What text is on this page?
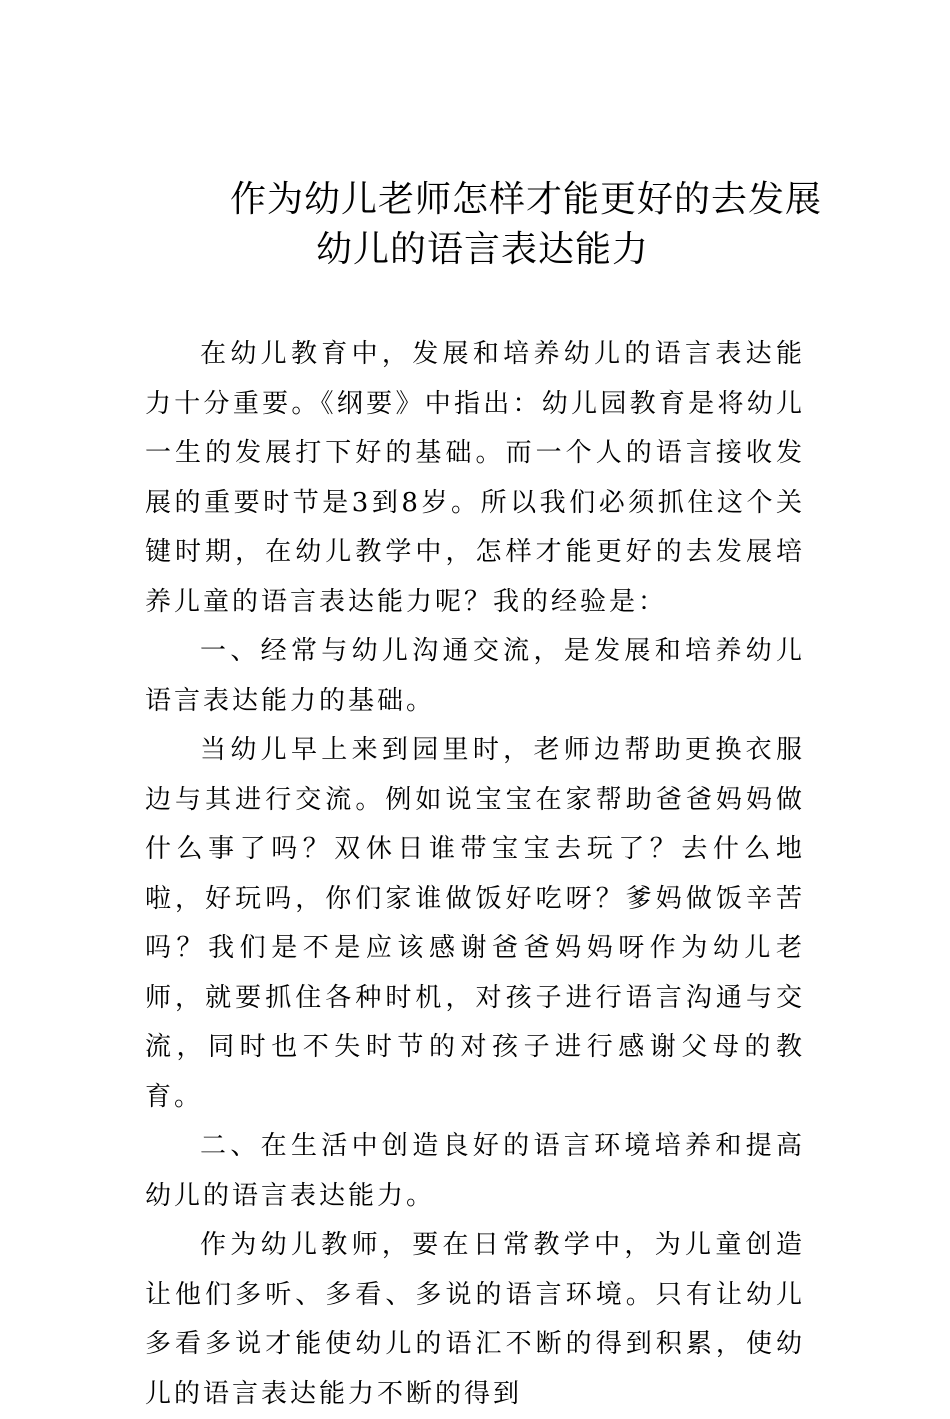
作为幼儿老师怎样才能更好的去发展
幼儿的语言表达能力

在幼儿教育中，发展和培养幼儿的语言表达能力十分重要。《纲要》中指出：幼儿园教育是将幼儿一生的发展打下好的基础。而一个人的语言接收发展的重要时节是3到8岁。所以我们必须抓住这个关键时期，在幼儿教学中，怎样才能更好的去发展培养儿童的语言表达能力呢？我的经验是：

一、经常与幼儿沟通交流，是发展和培养幼儿语言表达能力的基础。

当幼儿早上来到园里时，老师边帮助更换衣服边与其进行交流。例如说宝宝在家帮助爸爸妈妈做什么事了吗？双休日谁带宝宝去玩了？去什么地啦，好玩吗，你们家谁做饭好吃呀？爹妈做饭辛苦吗？我们是不是应该感谢爸爸妈妈呀作为幼儿老师，就要抓住各种时机，对孩子进行语言沟通与交流，同时也不失时节的对孩子进行感谢父母的教育。

二、在生活中创造良好的语言环境培养和提高幼儿的语言表达能力。

作为幼儿教师，要在日常教学中，为儿童创造让他们多听、多看、多说的语言环境。只有让幼儿多看多说才能使幼儿的语汇不断的得到积累，使幼儿的语言表达能力不断的得到
